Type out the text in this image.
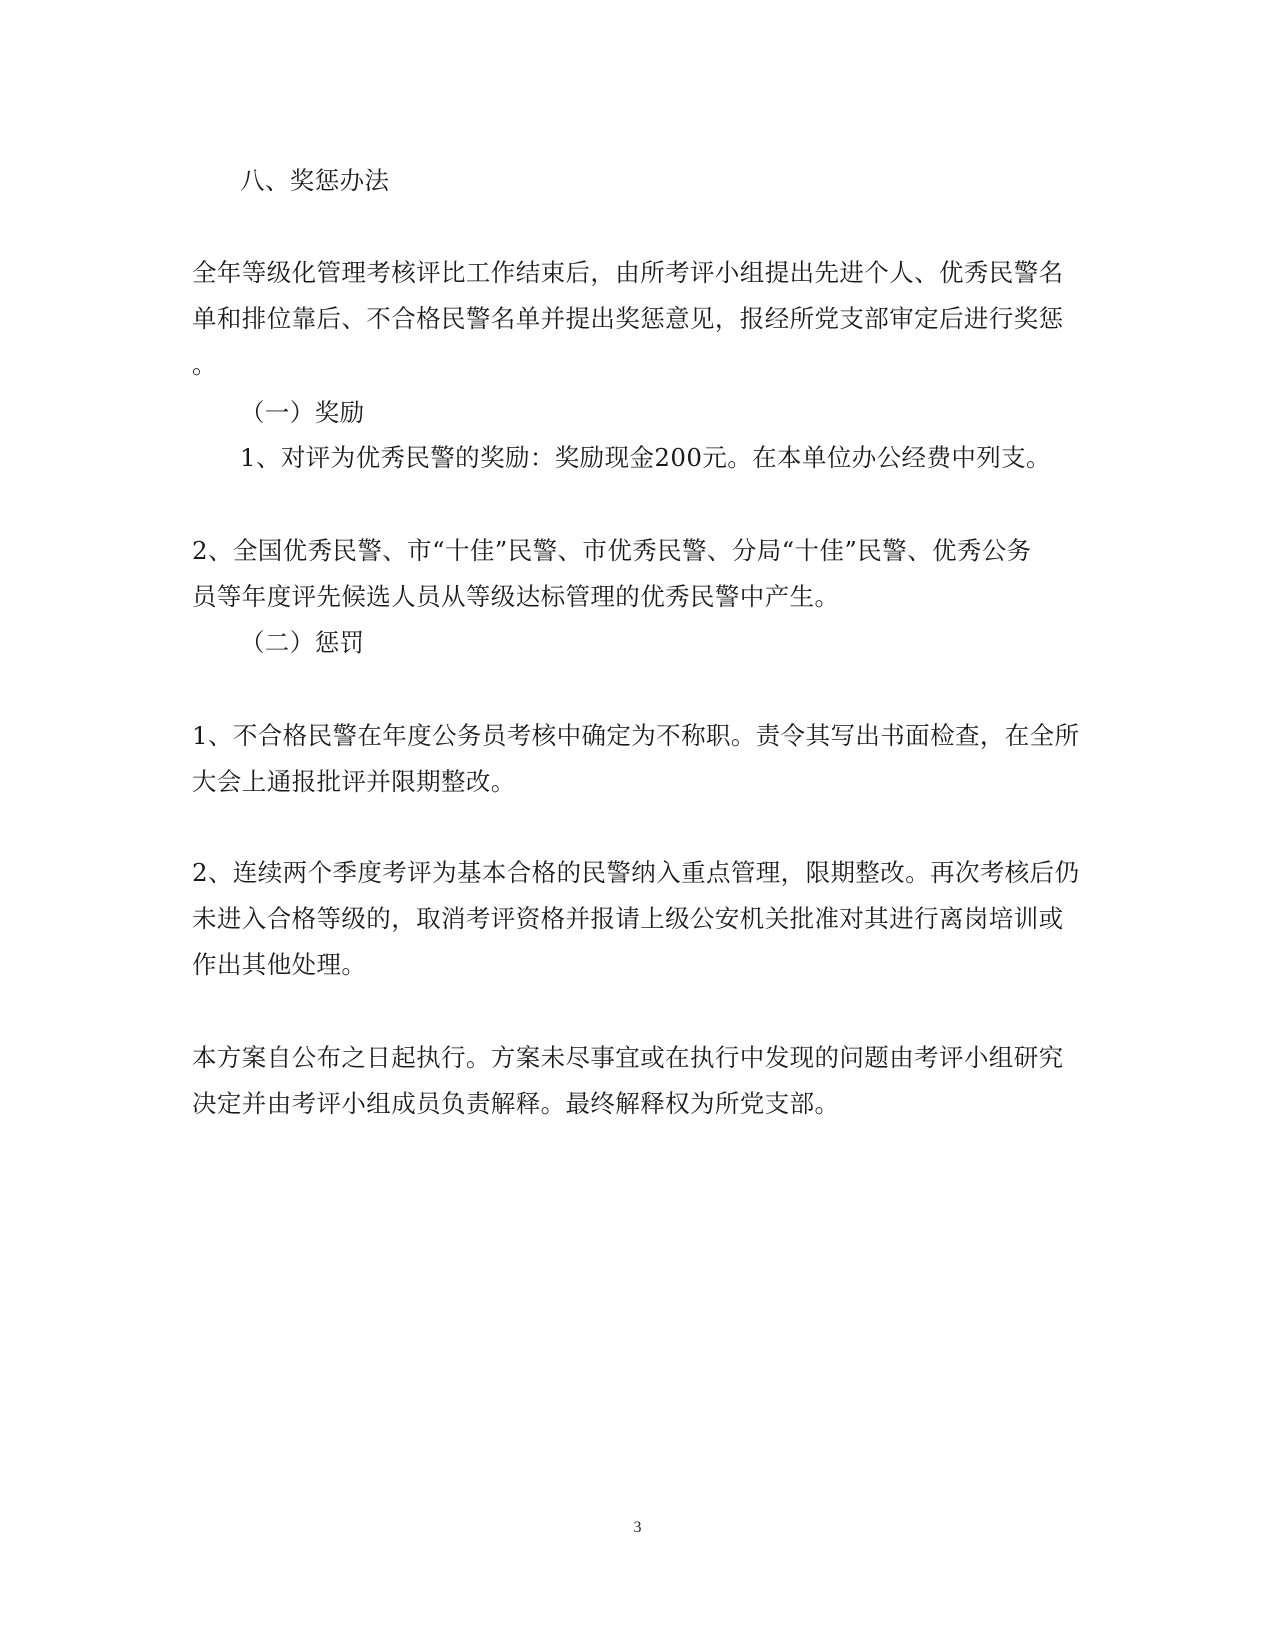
八、奖惩办法

全年等级化管理考核评比工作结束后，由所考评小组提出先进个人、优秀民警名

单和排位靠后、不合格民警名单并提出奖惩意见，报经所党支部审定后进行奖惩

。

（一）奖励

1、对评为优秀民警的奖励：奖励现金200元。在本单位办公经费中列支。

2、全国优秀民警、市“十佳”民警、市优秀民警、分局“十佳”民警、优秀公务

员等年度评先候选人员从等级达标管理的优秀民警中产生。

（二）惩罚

1、不合格民警在年度公务员考核中确定为不称职。责令其写出书面检查，在全所

大会上通报批评并限期整改。

2、连续两个季度考评为基本合格的民警纳入重点管理，限期整改。再次考核后仍

未进入合格等级的，取消考评资格并报请上级公安机关批准对其进行离岗培训或

作出其他处理。

本方案自公布之日起执行。方案未尽事宜或在执行中发现的问题由考评小组研究

决定并由考评小组成员负责解释。最终解释权为所党支部。

3
